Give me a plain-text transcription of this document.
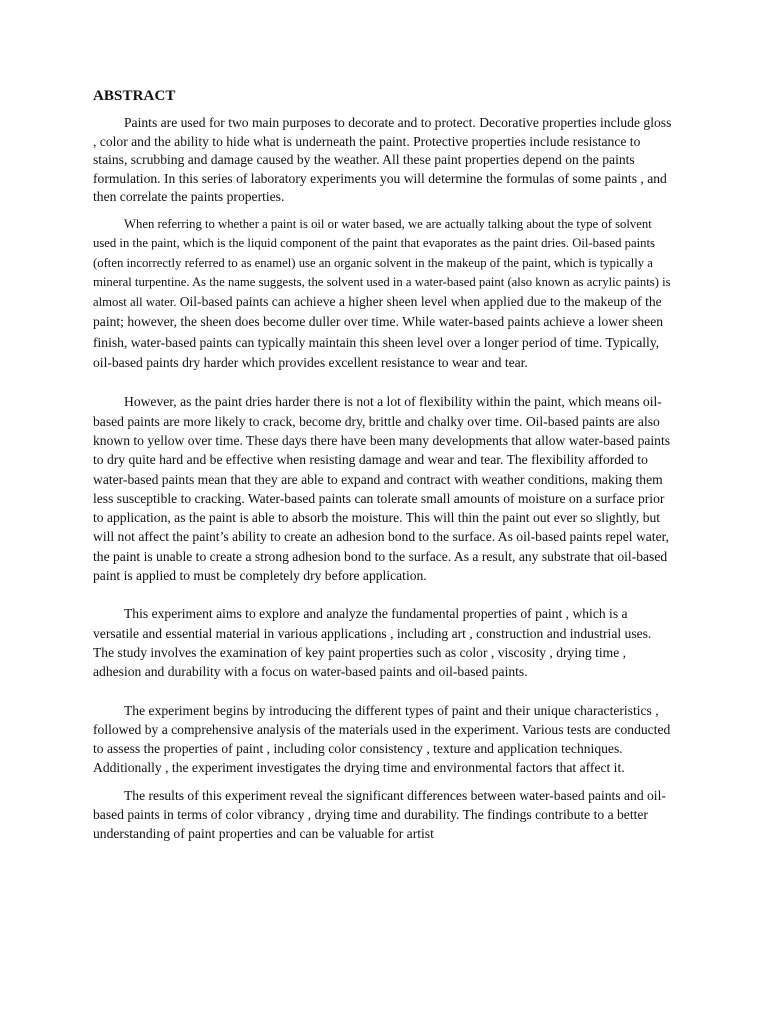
ABSTRACT

Paints are used for two main purposes to decorate and to protect. Decorative properties include gloss , color and the ability to hide what is underneath the paint. Protective properties include resistance to stains, scrubbing and damage caused by the weather. All these paint properties depend on the paints formulation. In this series of laboratory experiments you will determine the formulas of some paints , and then correlate the paints properties.

When referring to whether a paint is oil or water based, we are actually talking about the type of solvent used in the paint, which is the liquid component of the paint that evaporates as the paint dries. Oil-based paints (often incorrectly referred to as enamel) use an organic solvent in the makeup of the paint, which is typically a mineral turpentine. As the name suggests, the solvent used in a water-based paint (also known as acrylic paints) is almost all water. Oil-based paints can achieve a higher sheen level when applied due to the makeup of the paint; however, the sheen does become duller over time. While water-based paints achieve a lower sheen finish, water-based paints can typically maintain this sheen level over a longer period of time. Typically, oil-based paints dry harder which provides excellent resistance to wear and tear.

However, as the paint dries harder there is not a lot of flexibility within the paint, which means oil-based paints are more likely to crack, become dry, brittle and chalky over time. Oil-based paints are also known to yellow over time. These days there have been many developments that allow water-based paints to dry quite hard and be effective when resisting damage and wear and tear. The flexibility afforded to water-based paints mean that they are able to expand and contract with weather conditions, making them less susceptible to cracking. Water-based paints can tolerate small amounts of moisture on a surface prior to application, as the paint is able to absorb the moisture. This will thin the paint out ever so slightly, but will not affect the paint’s ability to create an adhesion bond to the surface. As oil-based paints repel water, the paint is unable to create a strong adhesion bond to the surface. As a result, any substrate that oil-based paint is applied to must be completely dry before application.

This experiment aims to explore and analyze the fundamental properties of paint , which is a versatile and essential material in various applications , including art , construction and industrial uses. The study involves the examination of key paint properties such as color , viscosity , drying time , adhesion and durability with a focus on water-based paints and oil-based paints.

The experiment begins by introducing the different types of paint and their unique characteristics , followed by a comprehensive analysis of the materials used in the experiment. Various tests are conducted to assess the properties of paint , including color consistency , texture and application techniques. Additionally , the experiment investigates the drying time and environmental factors that affect it.

The results of this experiment reveal the significant differences between water-based paints and oil-based paints in terms of color vibrancy , drying time and durability. The findings contribute to a better understanding of paint properties and can be valuable for artist
